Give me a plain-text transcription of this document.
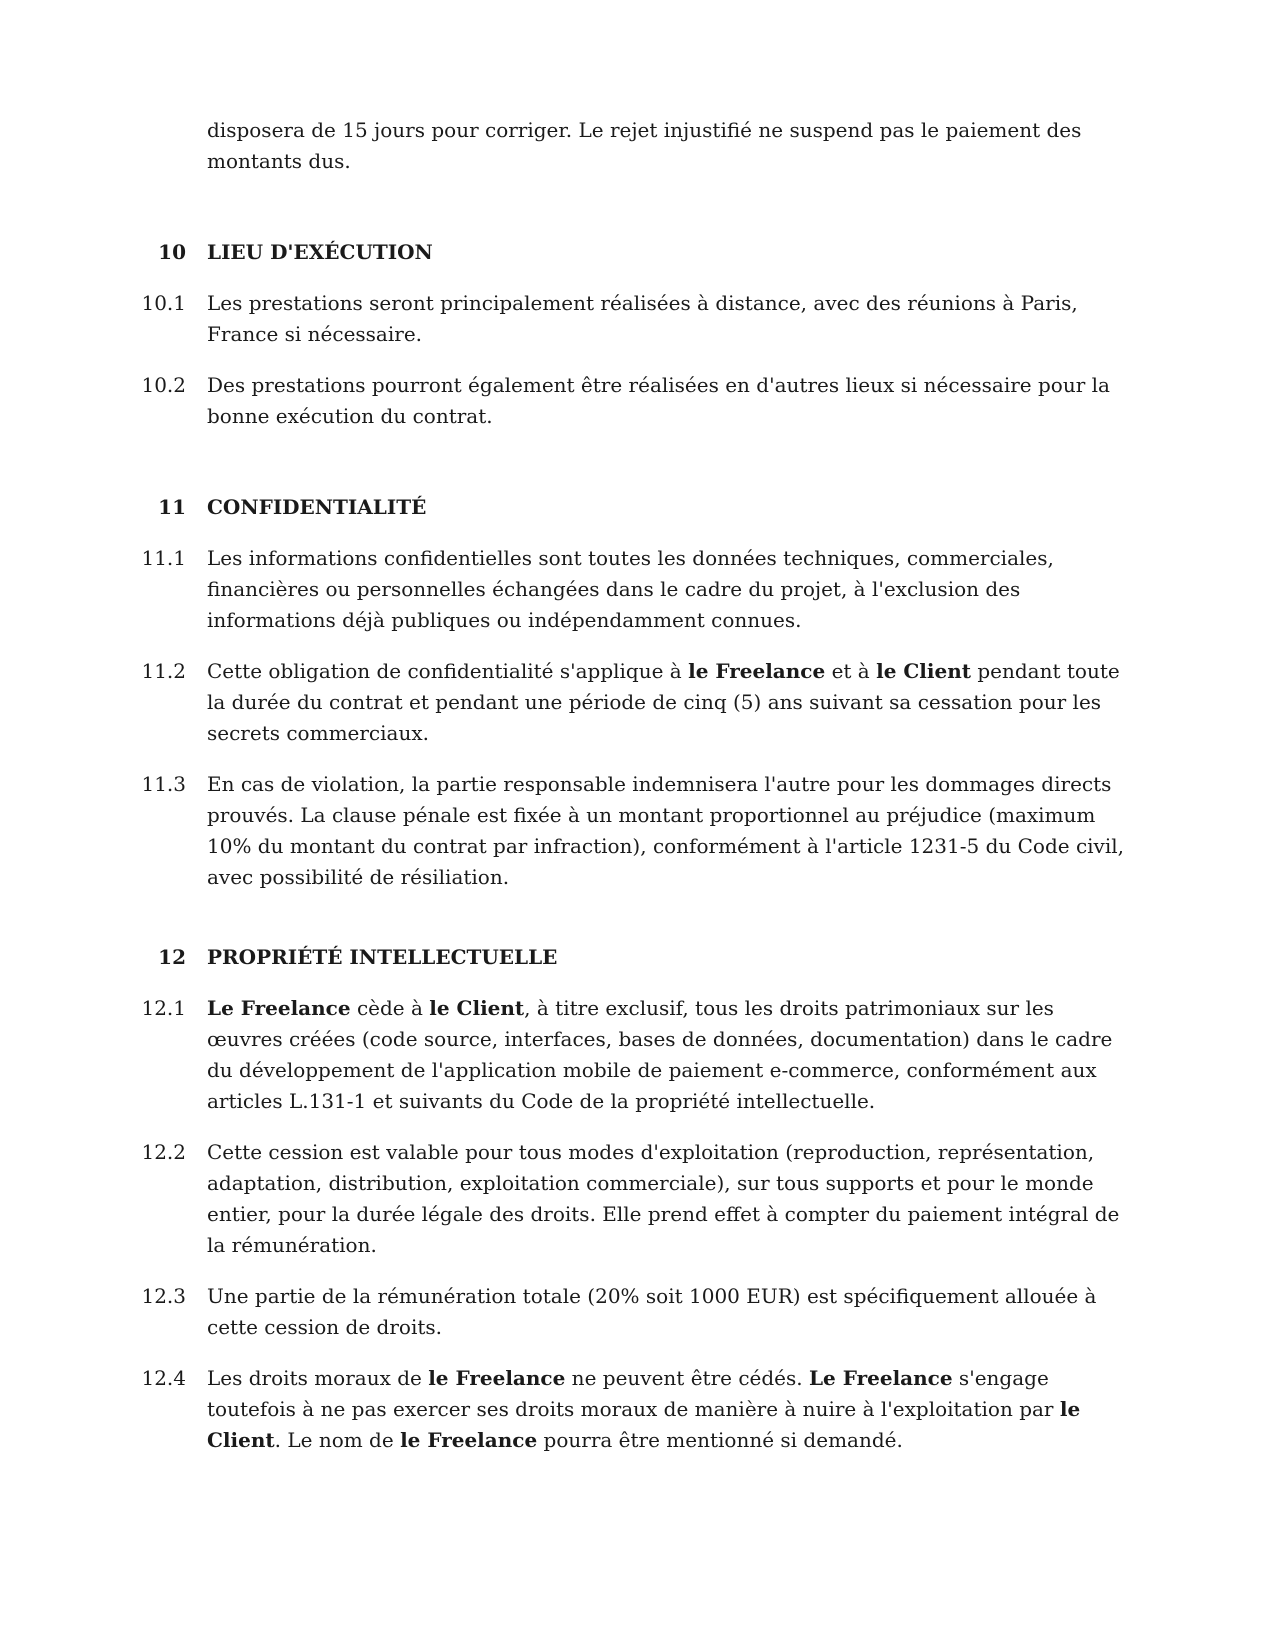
disposera de 15 jours pour corriger. Le rejet injustifié ne suspend pas le paiement des montants dus.

10 LIEU D'EXÉCUTION
10.1 Les prestations seront principalement réalisées à distance, avec des réunions à Paris, France si nécessaire.
10.2 Des prestations pourront également être réalisées en d'autres lieux si nécessaire pour la bonne exécution du contrat.
11 CONFIDENTIALITÉ
11.1 Les informations confidentielles sont toutes les données techniques, commerciales, financières ou personnelles échangées dans le cadre du projet, à l'exclusion des informations déjà publiques ou indépendamment connues.
11.2 Cette obligation de confidentialité s'applique à le Freelance et à le Client pendant toute la durée du contrat et pendant une période de cinq (5) ans suivant sa cessation pour les secrets commerciaux.
11.3 En cas de violation, la partie responsable indemnisera l'autre pour les dommages directs prouvés. La clause pénale est fixée à un montant proportionnel au préjudice (maximum 10% du montant du contrat par infraction), conformément à l'article 1231-5 du Code civil, avec possibilité de résiliation.
12 PROPRIÉTÉ INTELLECTUELLE
12.1 Le Freelance cède à le Client, à titre exclusif, tous les droits patrimoniaux sur les œuvres créées (code source, interfaces, bases de données, documentation) dans le cadre du développement de l'application mobile de paiement e-commerce, conformément aux articles L.131-1 et suivants du Code de la propriété intellectuelle.
12.2 Cette cession est valable pour tous modes d'exploitation (reproduction, représentation, adaptation, distribution, exploitation commerciale), sur tous supports et pour le monde entier, pour la durée légale des droits. Elle prend effet à compter du paiement intégral de la rémunération.
12.3 Une partie de la rémunération totale (20% soit 1000 EUR) est spécifiquement allouée à cette cession de droits.
12.4 Les droits moraux de le Freelance ne peuvent être cédés. Le Freelance s'engage toutefois à ne pas exercer ses droits moraux de manière à nuire à l'exploitation par le Client. Le nom de le Freelance pourra être mentionné si demandé.
